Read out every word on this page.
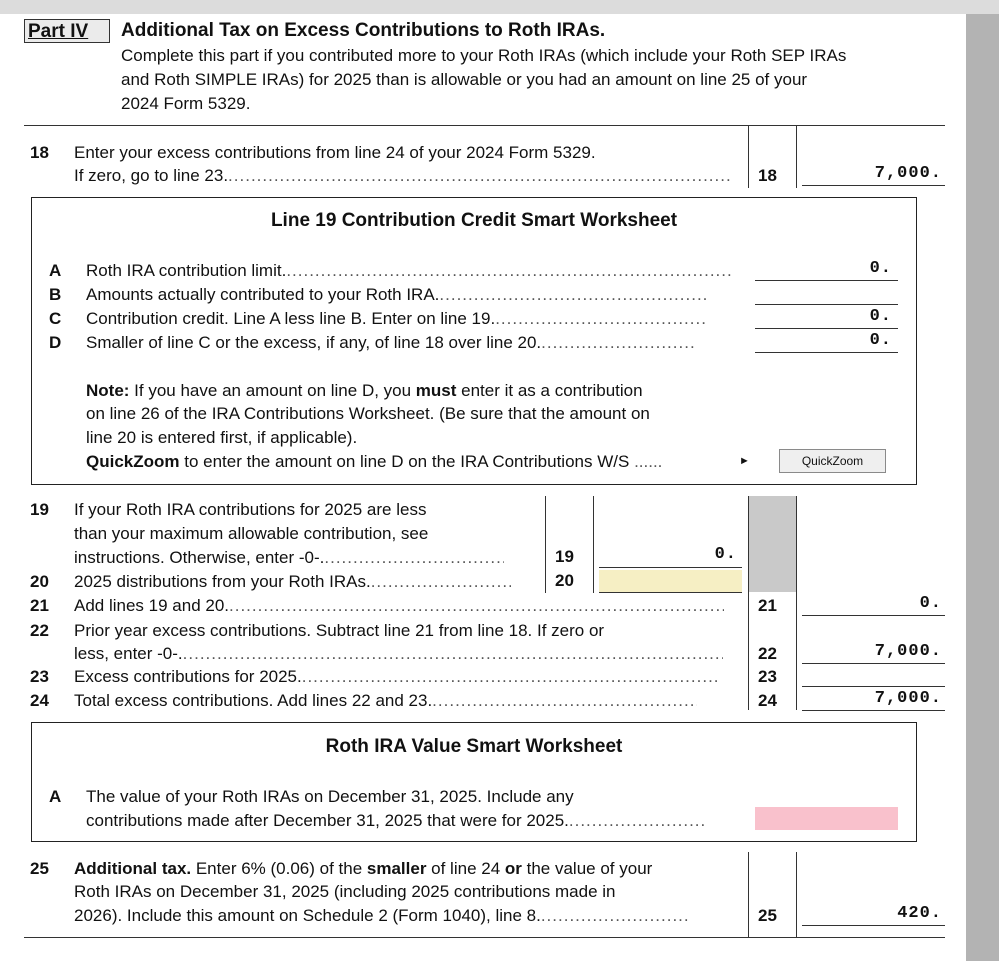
Part IV	Additional Tax on Excess Contributions to Roth IRAs.
Complete this part if you contributed more to your Roth IRAs (which include your Roth SEP IRAs
and Roth SIMPLE IRAs) for 2025 than is allowable or you had an amount on line 25 of your
2024 Form 5329.
18 Enter your excess contributions from line 24 of your 2024 Form 5329.
If zero, go to line 23. .....	18	7,000.
Line 19 Contribution Credit Smart Worksheet
A Roth IRA contribution limit. .....	0.
B Amounts actually contributed to your Roth IRA......
C Contribution credit. Line A less line B. Enter on line 19. .....	0.
D Smaller of line C or the excess, if any, of line 18 over line 20. .....	0.
Note: If you have an amount on line D, you must enter it as a contribution
on line 26 of the IRA Contributions Worksheet. (Be sure that the amount on
line 20 is entered first, if applicable).
QuickZoom to enter the amount on line D on the IRA Contributions W/S ......	►	QuickZoom
19 If your Roth IRA contributions for 2025 are less
than your maximum allowable contribution, see
instructions. Otherwise, enter -0-. .....	19	0.
20 2025 distributions from your Roth IRAs. .....	20
21 Add lines 19 and 20. .....	21	0.
22 Prior year excess contributions. Subtract line 21 from line 18. If zero or
less, enter -0-. .....	22	7,000.
23 Excess contributions for 2025. .....	23
24 Total excess contributions. Add lines 22 and 23. .....	24	7,000.
Roth IRA Value Smart Worksheet
A The value of your Roth IRAs on December 31, 2025. Include any
contributions made after December 31, 2025 that were for 2025......
25 Additional tax. Enter 6% (0.06) of the smaller of line 24 or the value of your
Roth IRAs on December 31, 2025 (including 2025 contributions made in
2026). Include this amount on Schedule 2 (Form 1040), line 8. .....	25	420.
